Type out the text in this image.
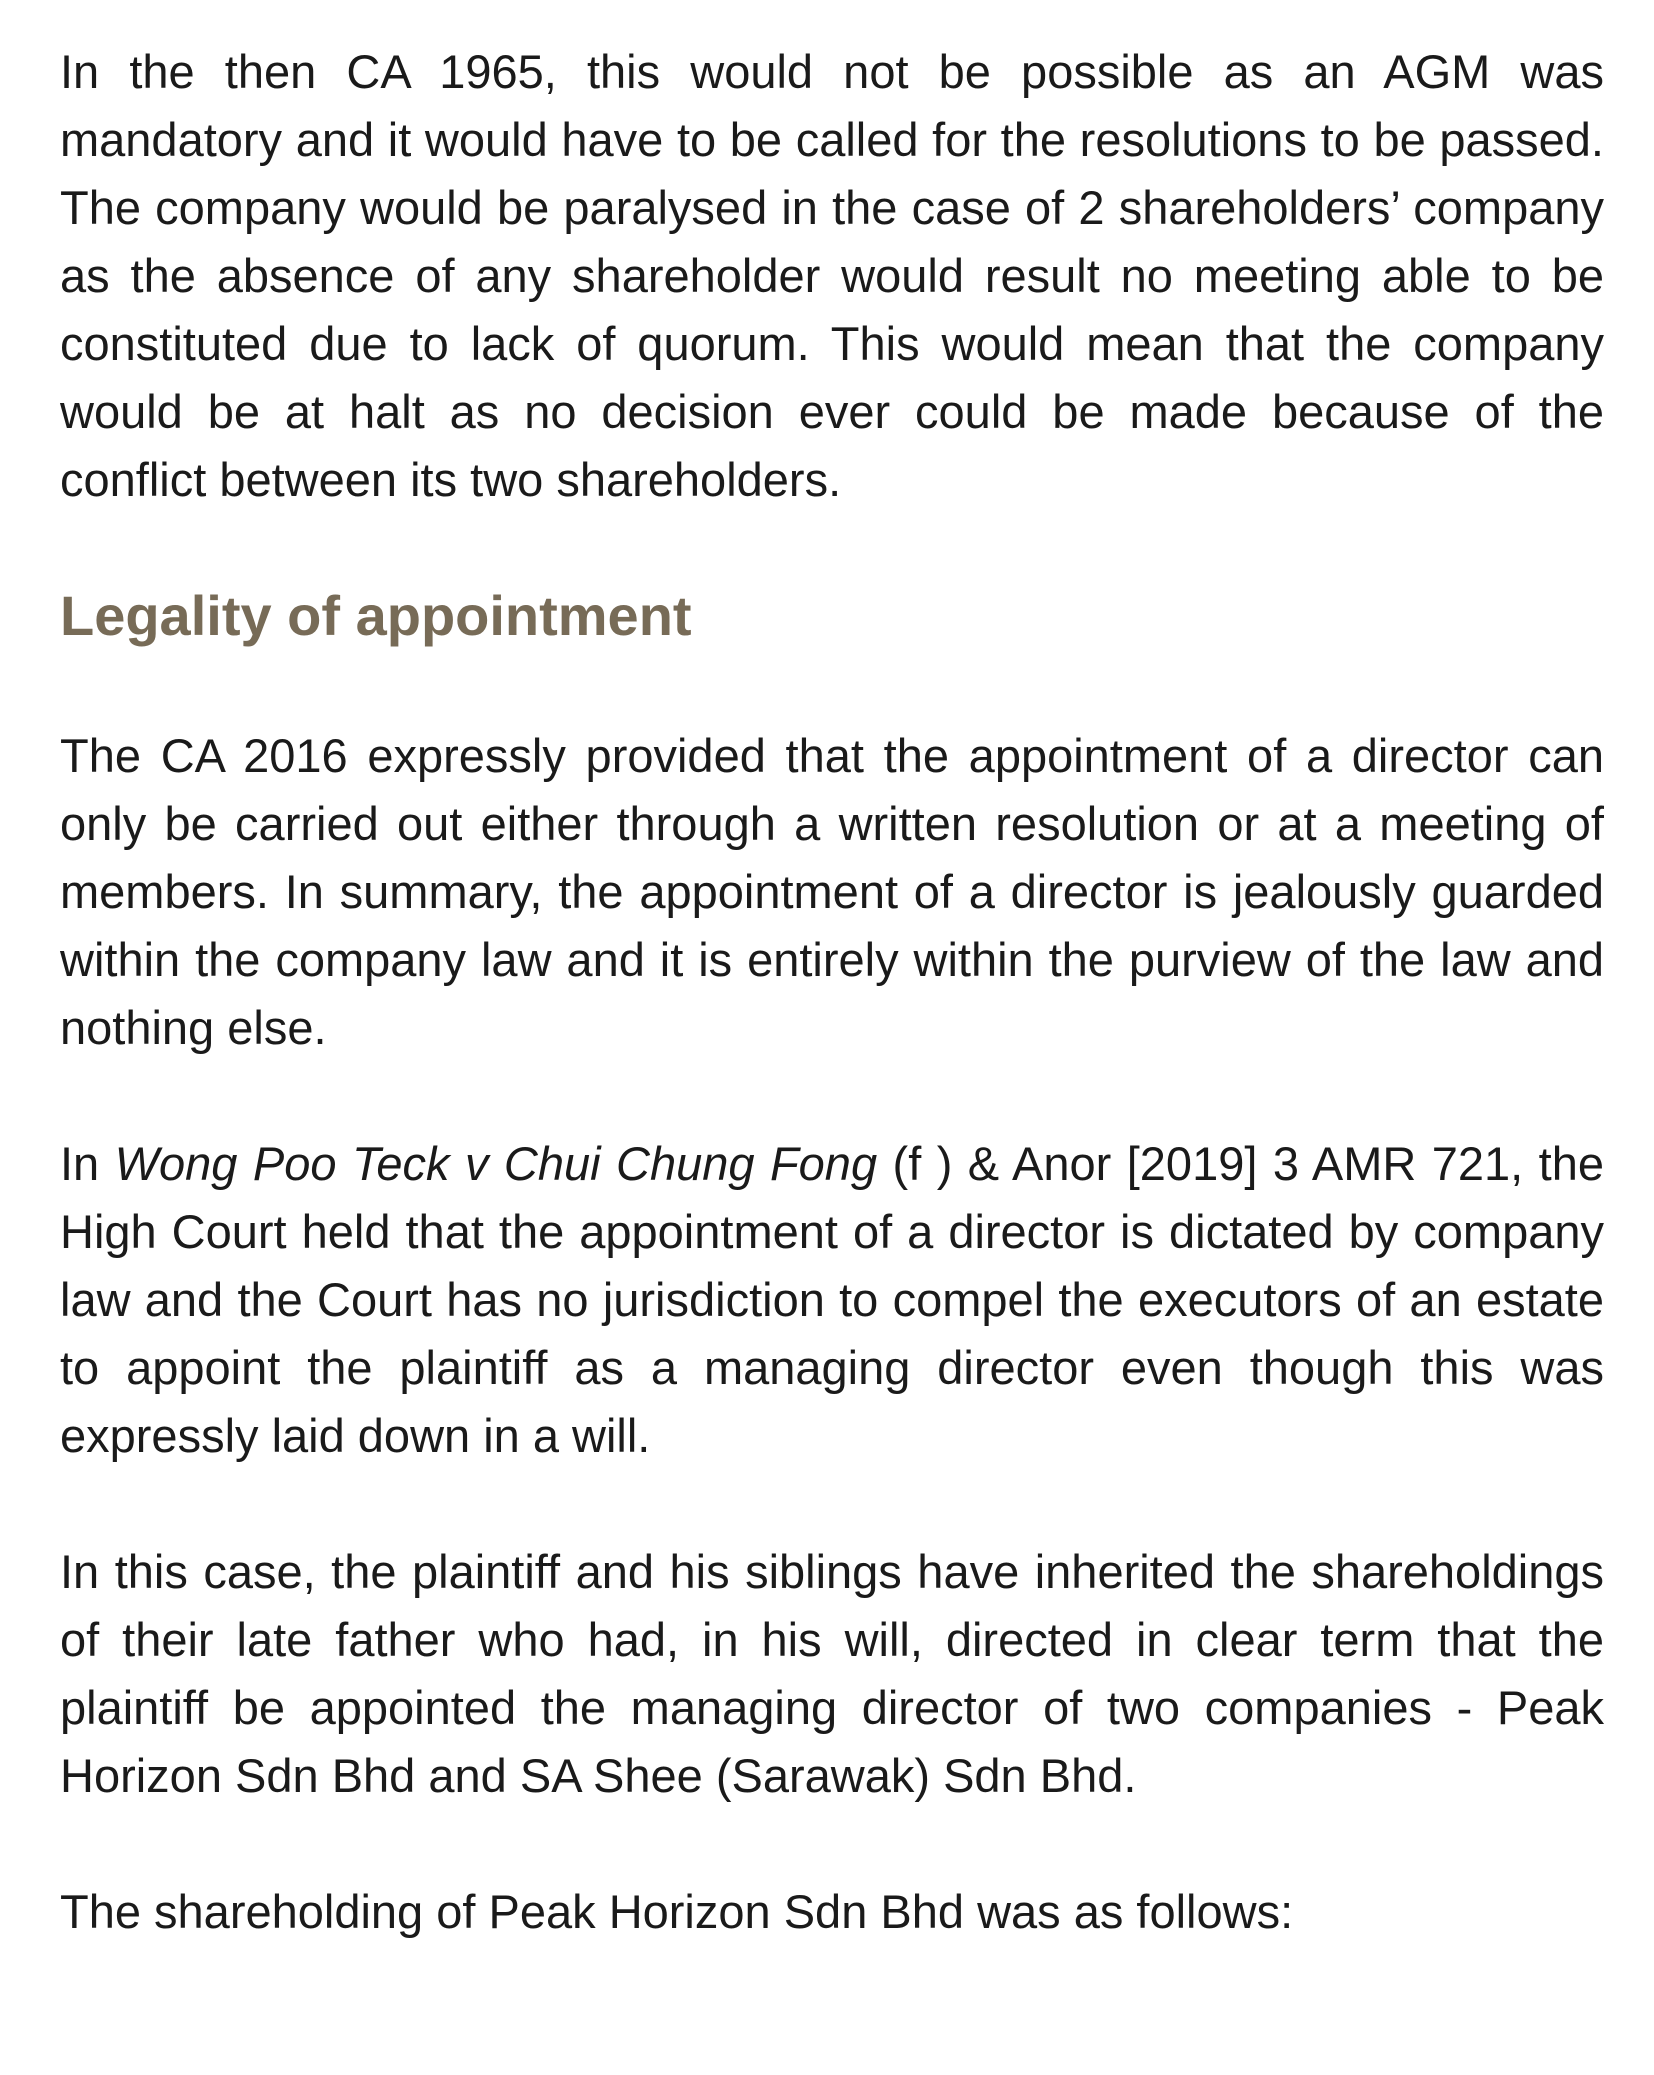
In the then CA 1965, this would not be possible as an AGM was mandatory and it would have to be called for the resolutions to be passed. The company would be paralysed in the case of 2 shareholders’ company as the absence of any shareholder would result no meeting able to be constituted due to lack of quorum. This would mean that the company would be at halt as no decision ever could be made because of the conflict between its two shareholders.

Legality of appointment

The CA 2016 expressly provided that the appointment of a director can only be carried out either through a written resolution or at a meeting of members. In summary, the appointment of a director is jealously guarded within the company law and it is entirely within the purview of the law and nothing else.

In Wong Poo Teck v Chui Chung Fong (f ) & Anor [2019] 3 AMR 721, the High Court held that the appointment of a director is dictated by company law and the Court has no jurisdiction to compel the executors of an estate to appoint the plaintiff as a managing director even though this was expressly laid down in a will.

In this case, the plaintiff and his siblings have inherited the shareholdings of their late father who had, in his will, directed in clear term that the plaintiff be appointed the managing director of two companies - Peak Horizon Sdn Bhd and SA Shee (Sarawak) Sdn Bhd.

The shareholding of Peak Horizon Sdn Bhd was as follows:
